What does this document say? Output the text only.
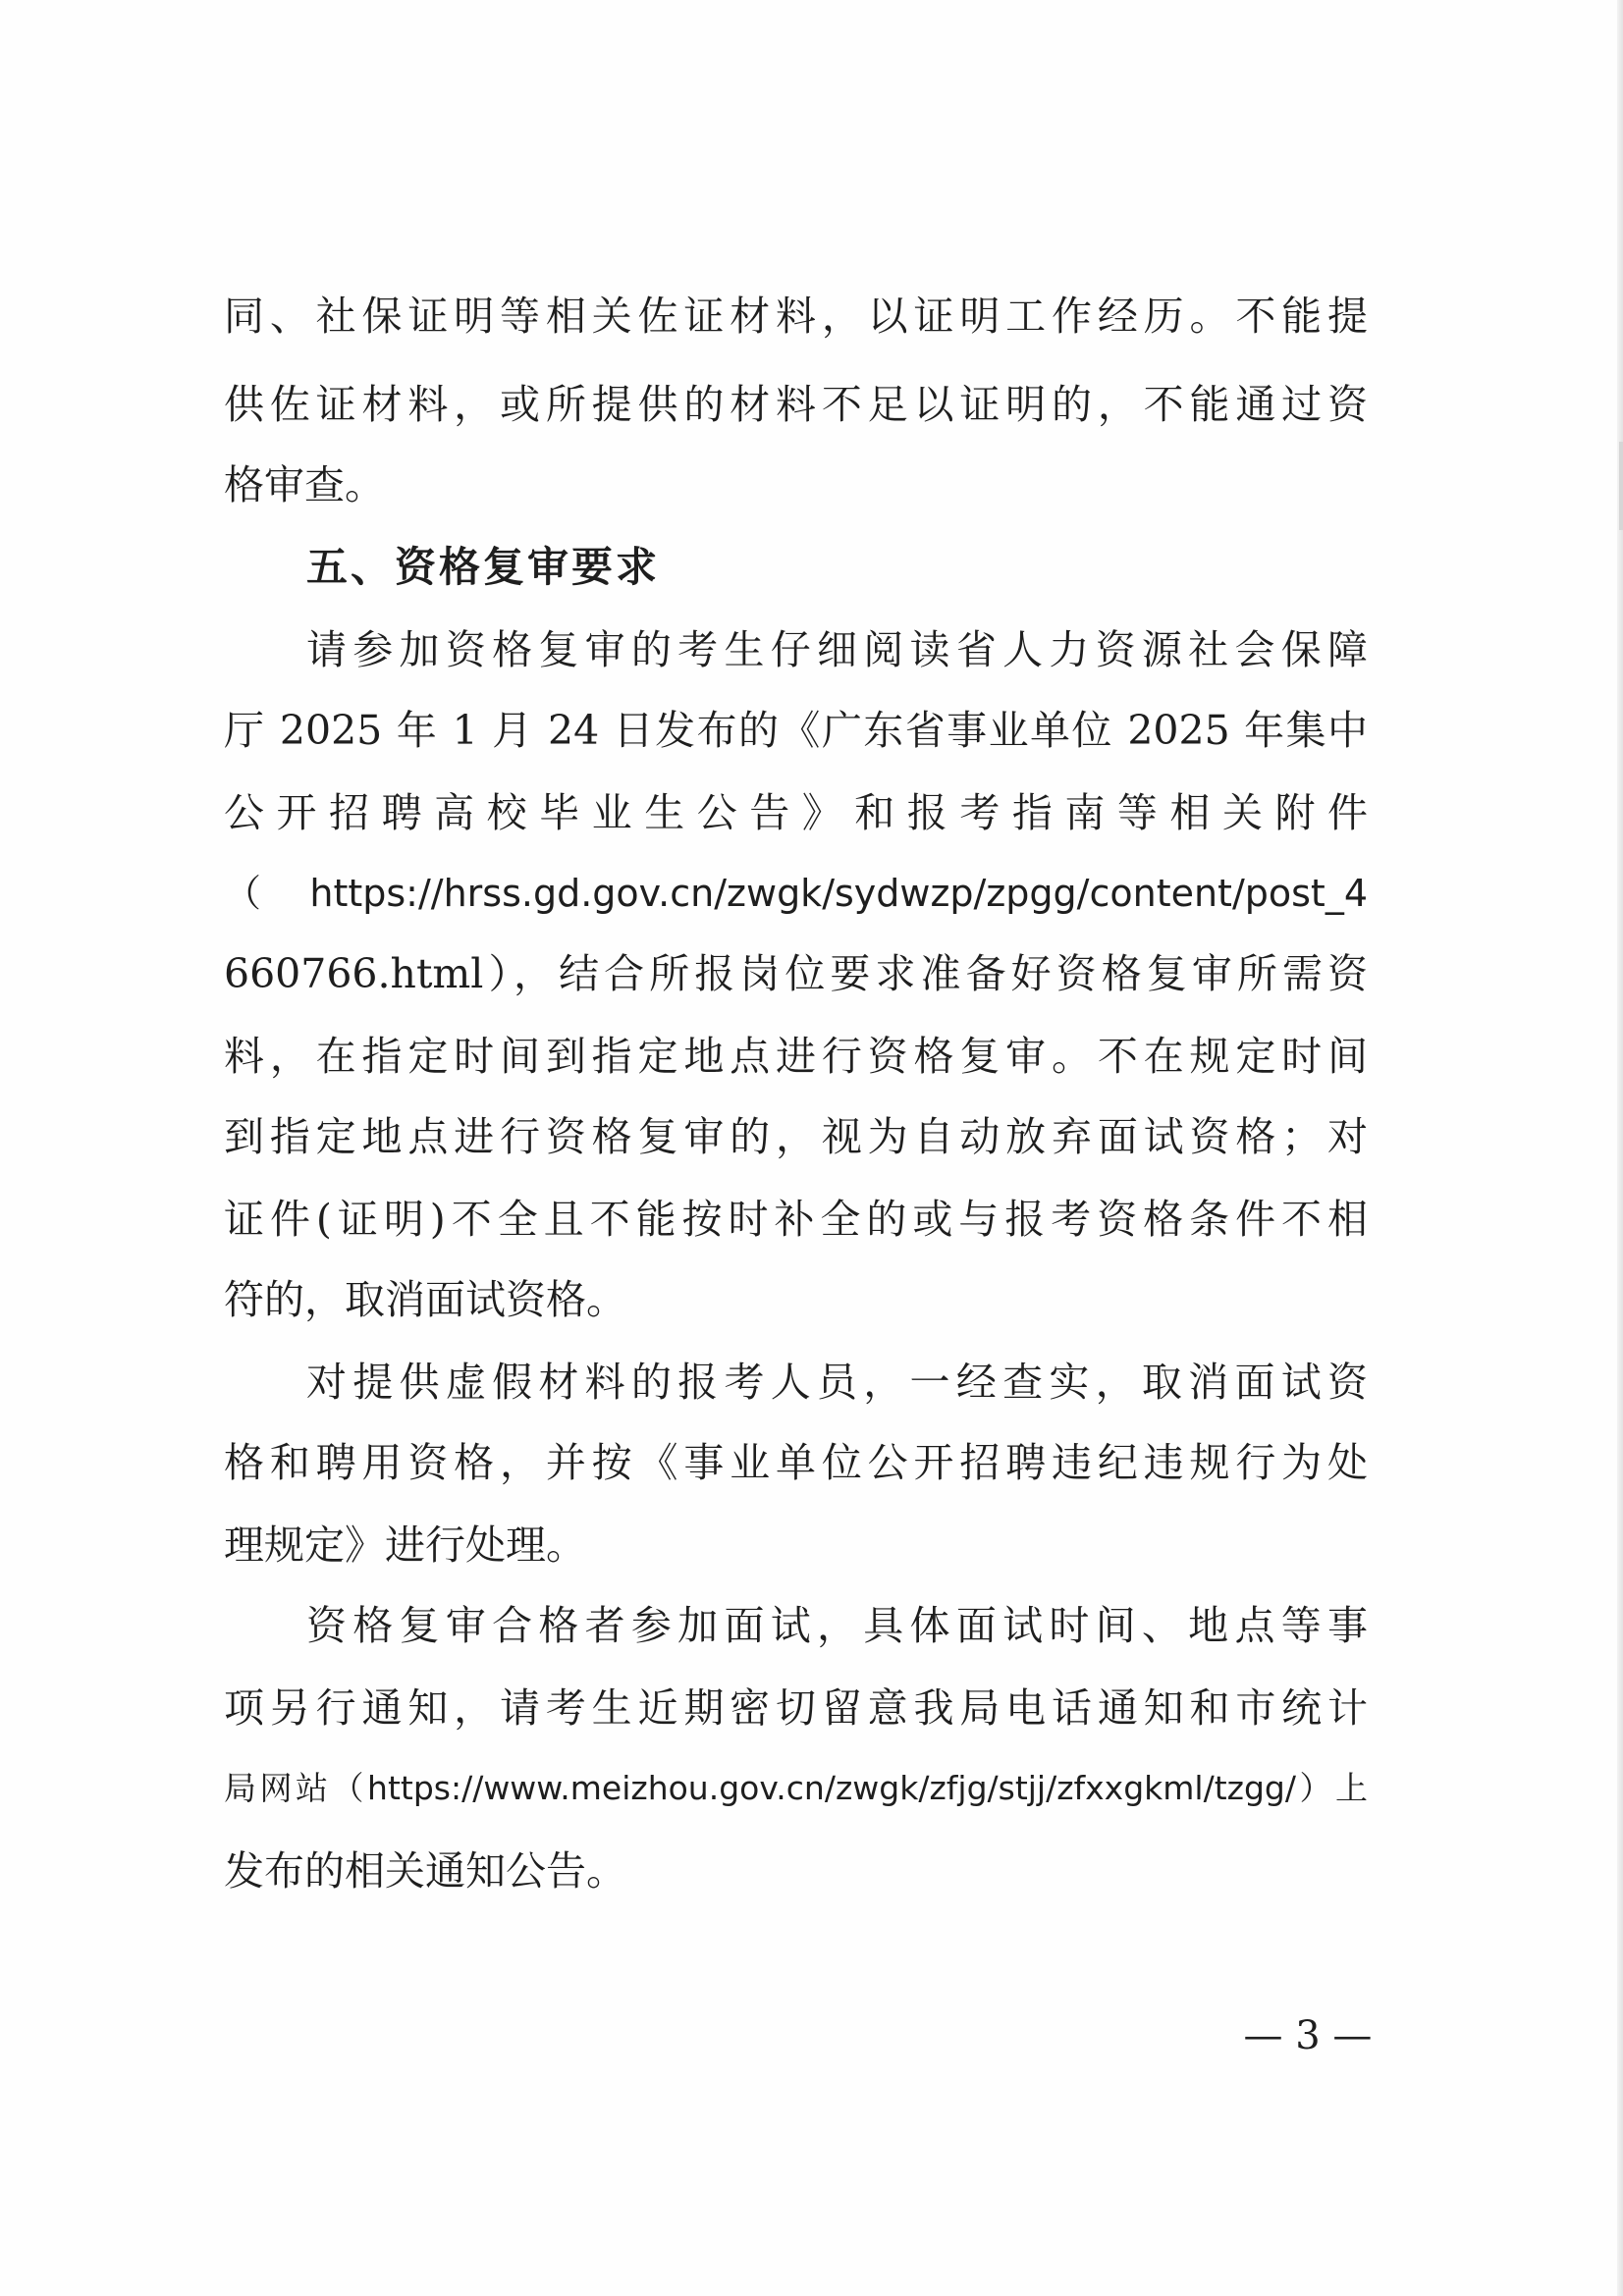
同、社保证明等相关佐证材料，以证明工作经历。不能提
供佐证材料，或所提供的材料不足以证明的，不能通过资
格审查。
五、资格复审要求
请参加资格复审的考生仔细阅读省人力资源社会保障
厅 2025 年 1 月 24 日发布的《广东省事业单位 2025 年集中
公开招聘高校毕业生公告》和报考指南等相关附件
（ https://hrss.gd.gov.cn/zwgk/sydwzp/zpgg/content/post_4
660766.html），结合所报岗位要求准备好资格复审所需资
料，在指定时间到指定地点进行资格复审。不在规定时间
到指定地点进行资格复审的，视为自动放弃面试资格；对
证件(证明)不全且不能按时补全的或与报考资格条件不相
符的，取消面试资格。
对提供虚假材料的报考人员，一经查实，取消面试资
格和聘用资格，并按《事业单位公开招聘违纪违规行为处
理规定》进行处理。
资格复审合格者参加面试，具体面试时间、地点等事
项另行通知，请考生近期密切留意我局电话通知和市统计
局网站（https://www.meizhou.gov.cn/zwgk/zfjg/stjj/zfxxgkml/tzgg/）上
发布的相关通知公告。
— 3 —
